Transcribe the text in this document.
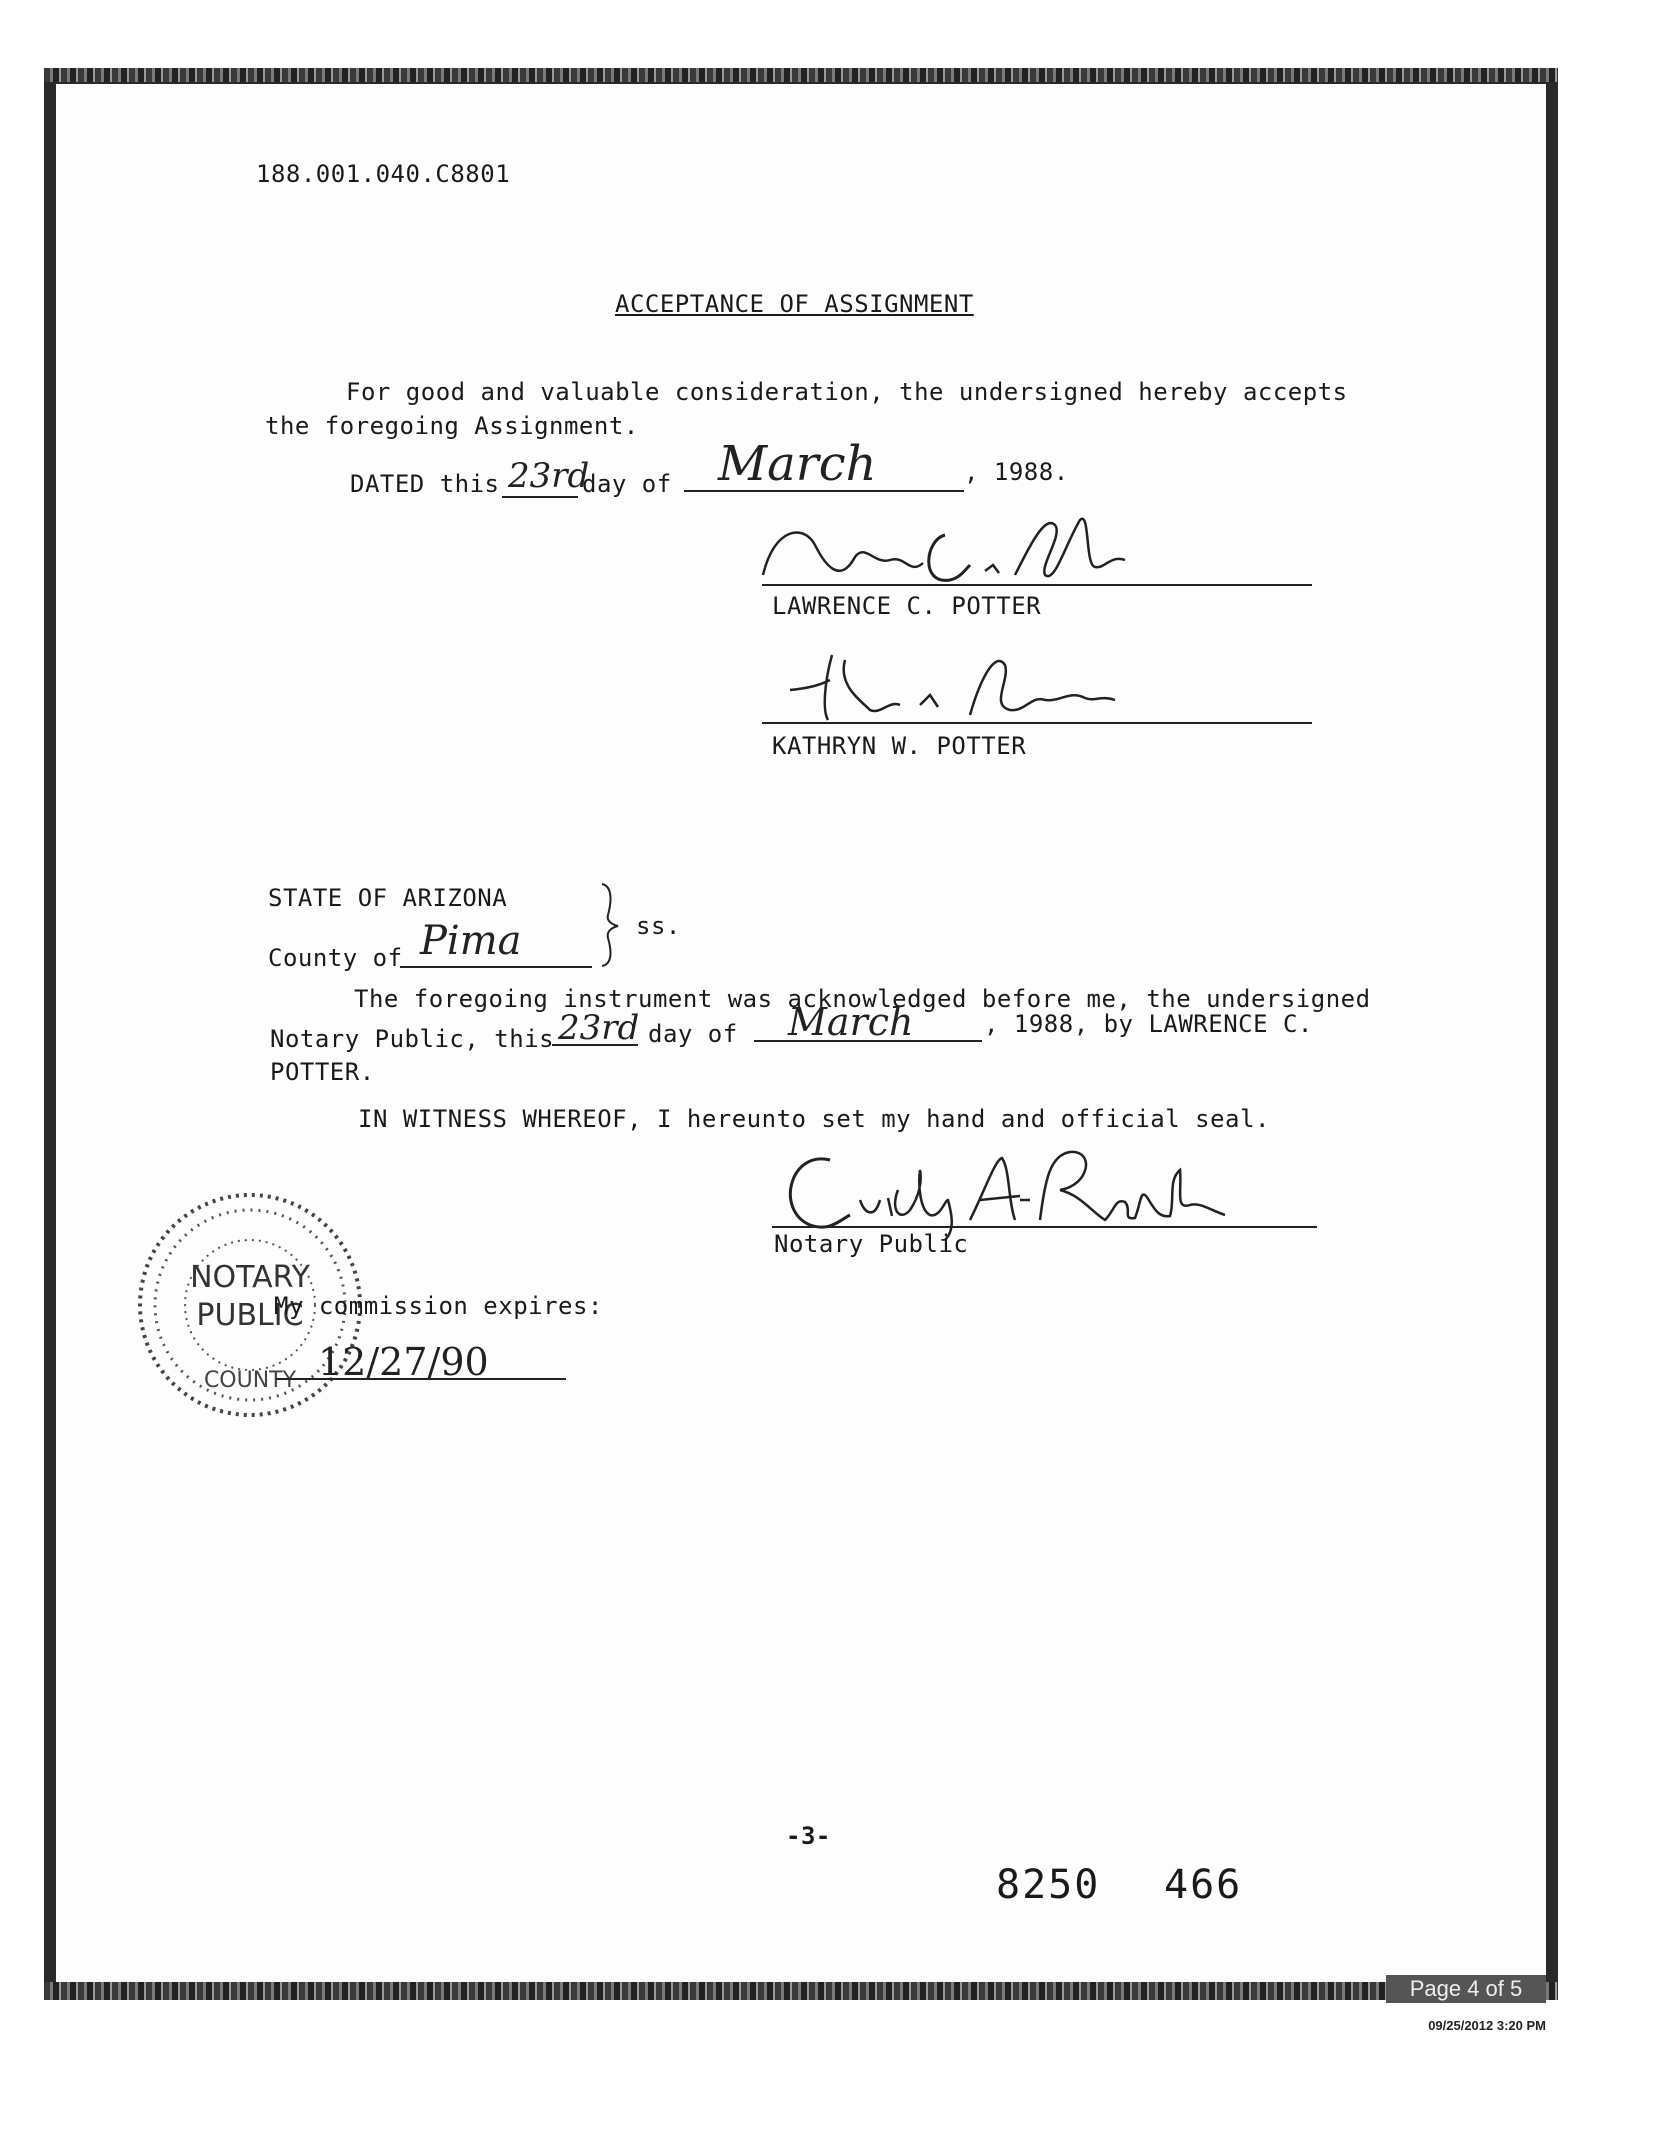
188.001.040.C8801
ACCEPTANCE OF ASSIGNMENT
For good and valuable consideration, the undersigned hereby accepts
the foregoing Assignment.
DATED this 23rd
day of March	, 1988.
LAWRENCE C. POTTER
KATHRYN W. POTTER
STATE OF ARIZONA
ss.
County of Pima
The foregoing instrument was acknowledged before me, the undersigned
Notary Public, this 23rd day of March	, 1988, by LAWRENCE C.
POTTER.
IN WITNESS WHEREOF, I hereunto set my hand and official seal.
Notary Public
NOTARY
PUBLIC
COUNTY
My commission expires:
12/27/90
-3-
8250 466
Page 4 of 5
09/25/2012 3:20 PM
